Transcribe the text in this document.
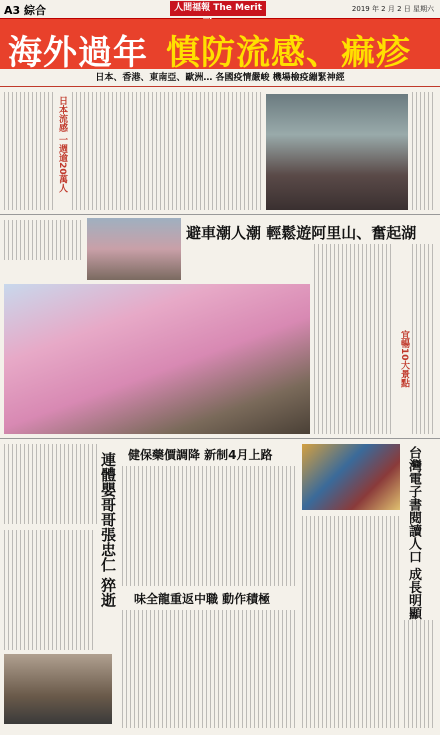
A3 綜合	人間福報 The Merit	2019 年 2 月 2 日 星期六
海外過年 慎防流感、痲疹
日本、香港、東南亞、歐洲… 各國疫情嚴峻 機場檢疫繃緊神經
日本流感 一週逾20萬人
避車潮人潮 輕鬆遊阿里山、奮起湖
宜暢10大景點
連體嬰哥哥張忠仁 猝逝 健保藥價調降 新制4月上路
味全龍重返中職 動作積極	台灣電子書閱讀人口 成長明顯
